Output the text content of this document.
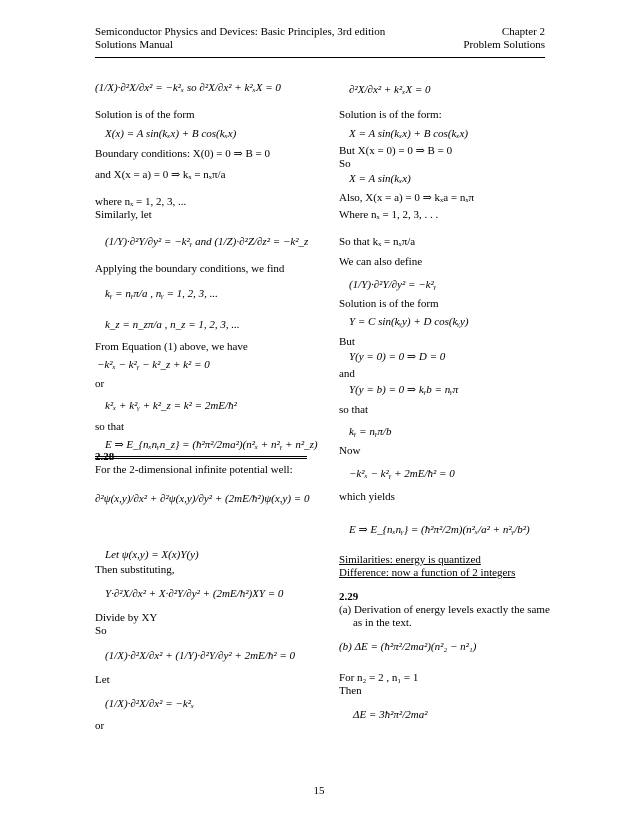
Semiconductor Physics and Devices: Basic Principles, 3rd edition
Solutions Manual
Chapter 2
Problem Solutions
(1/X)·∂²X/∂x² = −k²ₓ so ∂²X/∂x² + k²ₓX = 0
Solution is of the form
X(x) = A sin(kₓx) + B cos(kₓx)
Boundary conditions: X(0) = 0 ⇒ B = 0
and X(x = a) = 0 ⇒ kₓ = nₓπ/a
where nₓ = 1, 2, 3, ...
Similarly, let
(1/Y)·∂²Y/∂y² = −k²ᵧ and (1/Z)·∂²Z/∂z² = −k²_z
Applying the boundary conditions, we find
kᵧ = nᵧπ/a , nᵧ = 1, 2, 3, ...
k_z = n_zπ/a , n_z = 1, 2, 3, ...
From Equation (1) above, we have
−k²ₓ − k²ᵧ − k²_z + k² = 0
or
k²ₓ + k²ᵧ + k²_z = k² = 2mE/ħ²
so that
E ⇒ E_{nₓnᵧn_z} = (ħ²π²/2ma²)(n²ₓ + n²ᵧ + n²_z)
2.28
For the 2-dimensional infinite potential well:
∂²ψ(x,y)/∂x² + ∂²ψ(x,y)/∂y² + (2mE/ħ²)ψ(x,y) = 0
Let ψ(x,y) = X(x)Y(y)
Then substituting,
Y·∂²X/∂x² + X·∂²Y/∂y² + (2mE/ħ²)XY = 0
Divide by XY
So
(1/X)·∂²X/∂x² + (1/Y)·∂²Y/∂y² + 2mE/ħ² = 0
Let
(1/X)·∂²X/∂x² = −k²ₓ
or
∂²X/∂x² + k²ₓX = 0
Solution is of the form:
X = A sin(kₓx) + B cos(kₓx)
But X(x = 0) = 0 ⇒ B = 0
So
X = A sin(kₓx)
Also, X(x = a) = 0 ⇒ kₓa = nₓπ
Where nₓ = 1, 2, 3, . . .
So that kₓ = nₓπ/a
We can also define
(1/Y)·∂²Y/∂y² = −k²ᵧ
Solution is of the form
Y = C sin(kᵧy) + D cos(kᵧy)
But
Y(y = 0) = 0 ⇒ D = 0
and
Y(y = b) = 0 ⇒ kᵧb = nᵧπ
so that
kᵧ = nᵧπ/b
Now
−k²ₓ − k²ᵧ + 2mE/ħ² = 0
which yields
E ⇒ E_{nₓnᵧ} = (ħ²π²/2m)(n²ₓ/a² + n²ᵧ/b²)
Similarities: energy is quantized
Difference: now a function of 2 integers
2.29
(a) Derivation of energy levels exactly the same
as in the text.
(b) ΔE = (ħ²π²/2ma²)(n²₂ − n²₁)
For n₂ = 2 , n₁ = 1
Then
ΔE = 3ħ²π²/2ma²
15
